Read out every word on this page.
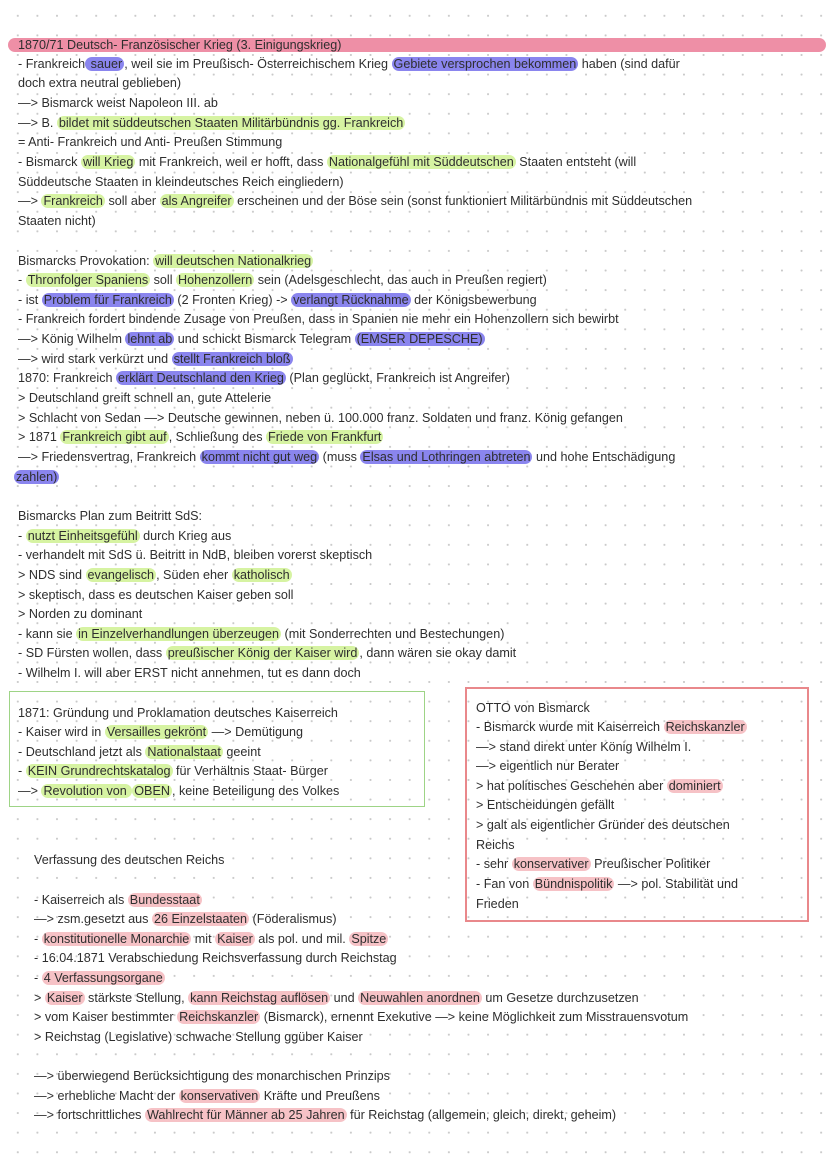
1870/71 Deutsch- Französischer Krieg (3. Einigungskrieg)
- Frankreich sauer , weil sie im Preußisch- Österreichischem Krieg Gebiete versprochen bekommen haben (sind dafür
doch extra neutral geblieben)
—> Bismarck weist Napoleon III. ab
—> B. bildet mit süddeutschen Staaten Militärbündnis gg. Frankreich
= Anti- Frankreich und Anti- Preußen Stimmung
- Bismarck will Krieg mit Frankreich, weil er hofft, dass Nationalgefühl mit Süddeutschen Staaten entsteht (will
Süddeutsche Staaten in kleindeutsches Reich eingliedern)
—> Frankreich soll aber als Angreifer erscheinen und der Böse sein (sonst funktioniert Militärbündnis mit Süddeutschen
Staaten nicht)
Bismarcks Provokation: will deutschen Nationalkrieg
- Thronfolger Spaniens soll Hohenzollern sein (Adelsgeschlecht, das auch in Preußen regiert)
- ist Problem für Frankreich (2 Fronten Krieg) -> verlangt Rücknahme der Königsbewerbung
- Frankreich fordert bindende Zusage von Preußen, dass in Spanien nie mehr ein Hohenzollern sich bewirbt
—> König Wilhelm lehnt ab und schickt Bismarck Telegram (EMSER DEPESCHE)
—> wird stark verkürzt und stellt Frankreich bloß
1870: Frankreich erklärt Deutschland den Krieg (Plan geglückt, Frankreich ist Angreifer)
> Deutschland greift schnell an, gute Attelerie
> Schlacht von Sedan —> Deutsche gewinnen, neben ü. 100.000 franz. Soldaten und franz. König gefangen
> 1871 Frankreich gibt auf , Schließung des Friede von Frankfurt
—> Friedensvertrag, Frankreich kommt nicht gut weg (muss Elsas und Lothringen abtreten und hohe Entschädigung
zahlen)
Bismarcks Plan zum Beitritt SdS:
- nutzt Einheitsgefühl durch Krieg aus
- verhandelt mit SdS ü. Beitritt in NdB, bleiben vorerst skeptisch
> NDS sind evangelisch , Süden eher katholisch
> skeptisch, dass es deutschen Kaiser geben soll
> Norden zu dominant
- kann sie in Einzelverhandlungen überzeugen (mit Sonderrechten und Bestechungen)
- SD Fürsten wollen, dass preußischer König der Kaiser wird , dann wären sie okay damit
- Wilhelm I. will aber ERST nicht annehmen, tut es dann doch
1871: Gründung und Proklamation deutsches Kaiserreich
- Kaiser wird in Versailles gekrönt —> Demütigung
- Deutschland jetzt als Nationalstaat geeint
- KEIN Grundrechtskatalog für Verhältnis Staat- Bürger
—> Revolution von OBEN , keine Beteiligung des Volkes
OTTO von Bismarck
- Bismarck wurde mit Kaiserreich Reichskanzler
—> stand direkt unter König Wilhelm I.
—> eigentlich nur Berater
> hat politisches Geschehen aber dominiert
> Entscheidungen gefällt
> galt als eigentlicher Gründer des deutschen
Reichs
- sehr konservativer Preußischer Politiker
- Fan von Bündnispolitik —> pol. Stabilität und
Frieden
Verfassung des deutschen Reichs
- Kaiserreich als Bundesstaat
—> zsm.gesetzt aus 26 Einzelstaaten (Föderalismus)
- konstitutionelle Monarchie mit Kaiser als pol. und mil. Spitze
- 16.04.1871 Verabschiedung Reichsverfassung durch Reichstag
- 4 Verfassungsorgane
> Kaiser stärkste Stellung, kann Reichstag auflösen und Neuwahlen anordnen um Gesetze durchzusetzen
> vom Kaiser bestimmter Reichskanzler (Bismarck), ernennt Exekutive —> keine Möglichkeit zum Misstrauensvotum
> Reichstag (Legislative) schwache Stellung ggüber Kaiser
—> überwiegend Berücksichtigung des monarchischen Prinzips
—> erhebliche Macht der konservativen Kräfte und Preußens
—> fortschrittliches Wahlrecht für Männer ab 25 Jahren für Reichstag (allgemein, gleich, direkt, geheim)
